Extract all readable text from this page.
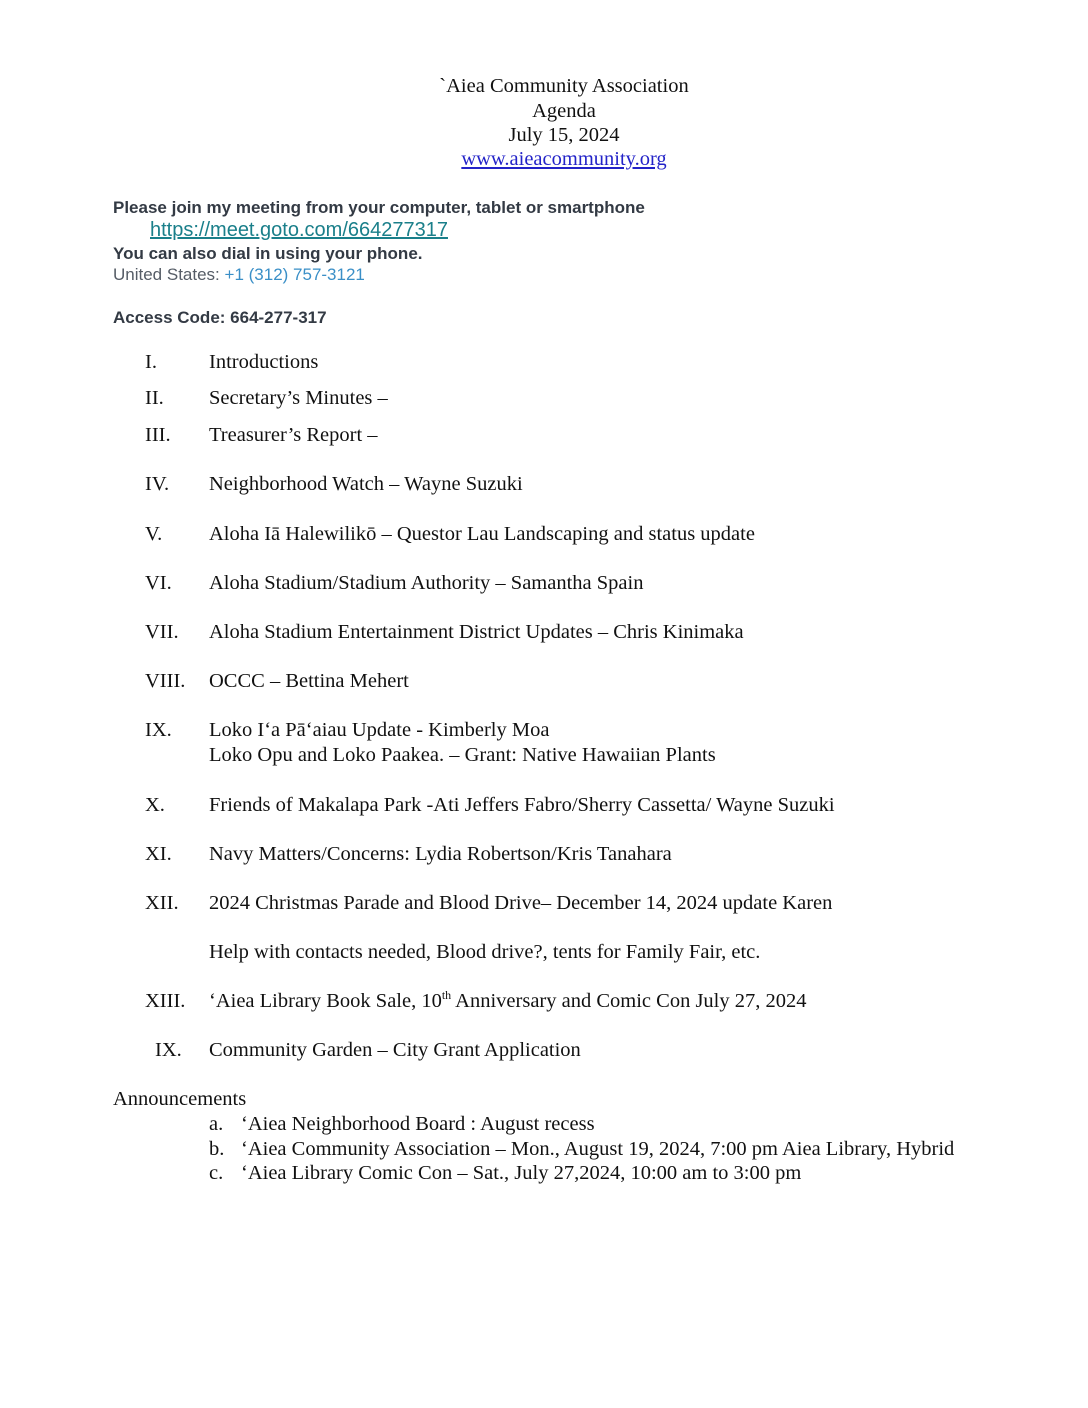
`Aiea Community Association
Agenda
July 15, 2024
www.aieacommunity.org
Please join my meeting from your computer, tablet or smartphone
https://meet.goto.com/664277317
You can also dial in using your phone.
United States: +1 (312) 757-3121
Access Code: 664-277-317
I.	Introductions
II. Secretary’s Minutes –
III. Treasurer’s Report –
IV. Neighborhood Watch – Wayne Suzuki
V. Aloha Iā Halewilikō – Questor Lau Landscaping and status update
VI. Aloha Stadium/Stadium Authority – Samantha Spain
VII. Aloha Stadium Entertainment District Updates – Chris Kinimaka
VIII. OCCC – Bettina Mehert
IX. Loko Iʻa Pāʻaiau Update - Kimberly Moa
Loko Opu and Loko Paakea. – Grant: Native Hawaiian Plants
X. Friends of Makalapa Park -Ati Jeffers Fabro/Sherry Cassetta/ Wayne Suzuki
XI. Navy Matters/Concerns: Lydia Robertson/Kris Tanahara
XII. 2024 Christmas Parade and Blood Drive– December 14, 2024 update Karen
Help with contacts needed, Blood drive?, tents for Family Fair, etc.
XIII. ‘Aiea Library Book Sale, 10th Anniversary and Comic Con July 27, 2024
IX. Community Garden – City Grant Application
Announcements
a. ‘Aiea Neighborhood Board : August recess
b. ‘Aiea Community Association – Mon., August 19, 2024, 7:00 pm Aiea Library, Hybrid
c. ‘Aiea Library Comic Con – Sat., July 27,2024, 10:00 am to 3:00 pm
